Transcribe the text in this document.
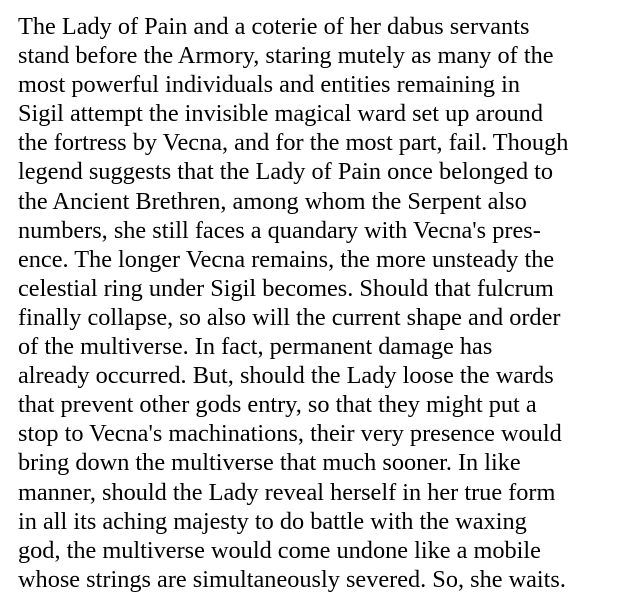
The Lady of Pain and a coterie of her dabus servants
stand before the Armory, staring mutely as many of the
most powerful individuals and entities remaining in
Sigil attempt the invisible magical ward set up around
the fortress by Vecna, and for the most part, fail. Though
legend suggests that the Lady of Pain once belonged to
the Ancient Brethren, among whom the Serpent also
numbers, she still faces a quandary with Vecna's pres-
ence. The longer Vecna remains, the more unsteady the
celestial ring under Sigil becomes. Should that fulcrum
finally collapse, so also will the current shape and order
of the multiverse. In fact, permanent damage has
already occurred. But, should the Lady loose the wards
that prevent other gods entry, so that they might put a
stop to Vecna's machinations, their very presence would
bring down the multiverse that much sooner. In like
manner, should the Lady reveal herself in her true form
in all its aching majesty to do battle with the waxing
god, the multiverse would come undone like a mobile
whose strings are simultaneously severed. So, she waits.
